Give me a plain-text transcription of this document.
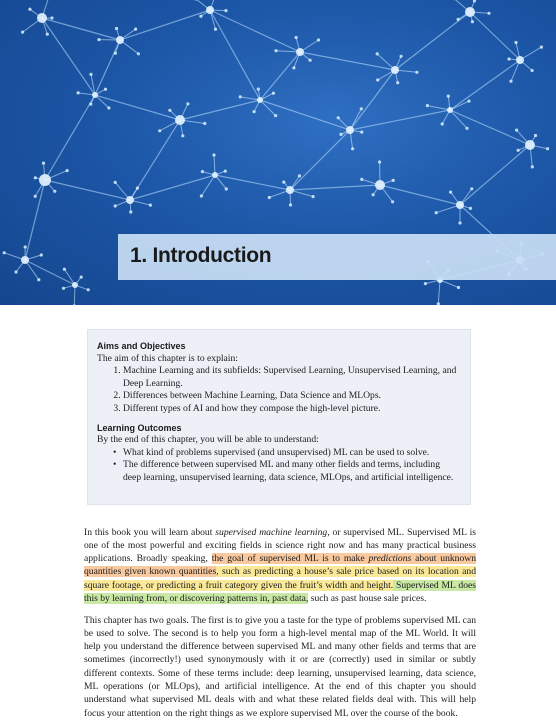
1. Introduction
Aims and Objectives
The aim of this chapter is to explain:
1. Machine Learning and its subfields: Supervised Learning, Unsupervised Learning, and Deep Learning.
2. Differences between Machine Learning, Data Science and MLOps.
3. Different types of AI and how they compose the high-level picture.
Learning Outcomes
By the end of this chapter, you will be able to understand:
• What kind of problems supervised (and unsupervised) ML can be used to solve.
• The difference between supervised ML and many other fields and terms, including deep learning, unsupervised learning, data science, MLOps, and artificial intelligence.

In this book you will learn about supervised machine learning, or supervised ML. Supervised ML is one of the most powerful and exciting fields in science right now and has many practical business applications. Broadly speaking, the goal of supervised ML is to make predictions about unknown quantities given known quantities, such as predicting a house’s sale price based on its location and square footage, or predicting a fruit category given the fruit’s width and height. Supervised ML does this by learning from, or discovering patterns in, past data, such as past house sale prices.

This chapter has two goals. The first is to give you a taste for the type of problems supervised ML can be used to solve. The second is to help you form a high-level mental map of the ML World. It will help you understand the difference between supervised ML and many other fields and terms that are sometimes (incorrectly!) used synonymously with it or are (correctly) used in similar or subtly different contexts. Some of these terms include: deep learning, unsupervised learning, data science, ML operations (or MLOps), and artificial intelligence. At the end of this chapter you should understand what supervised ML deals with and what these related fields deal with. This will help focus your attention on the right things as we explore supervised ML over the course of the book.
